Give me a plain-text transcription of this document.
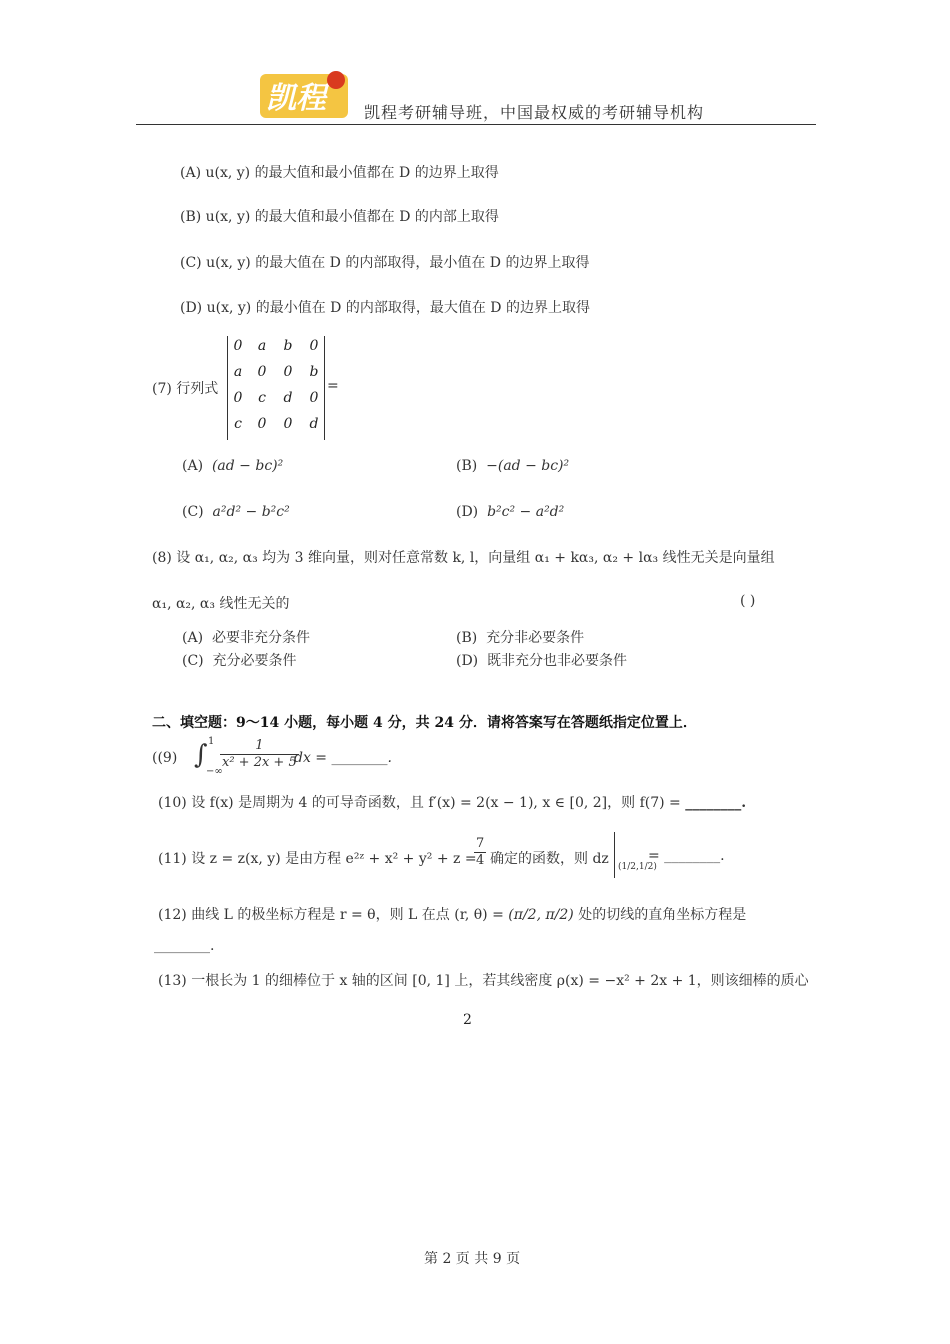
凯程 凯程考研辅导班，中国最权威的考研辅导机构
(A) u(x, y) 的最大值和最小值都在 D 的边界上取得
(B) u(x, y) 的最大值和最小值都在 D 的内部上取得
(C) u(x, y) 的最大值在 D 的内部取得，最小值在 D 的边界上取得
(D) u(x, y) 的最小值在 D 的内部取得，最大值在 D 的边界上取得
(7) 行列式
0 a b 0
a 0 0 b
0 c d 0
c 0 0 d
=
(A) (ad − bc)²	(B) −(ad − bc)²
(C) a²d² − b²c²	(D) b²c² − a²d²
(8) 设 α₁, α₂, α₃ 均为 3 维向量，则对任意常数 k, l，向量组 α₁ + kα₃, α₂ + lα₃ 线性无关是向量组
α₁, α₂, α₃ 线性无关的	( )
(A) 必要非充分条件	(B) 充分非必要条件
(C) 充分必要条件	(D) 既非充分也非必要条件
二、填空题：9～14 小题，每小题 4 分，共 24 分．请将答案写在答题纸指定位置上．
((9) ∫ 1
−∞
$\frac{1}{\text{x² + 2x + 5}}$
dx = ________.
(10) 设 f(x) 是周期为 4 的可导奇函数，且 f′(x) = 2(x − 1), x ∈ [0, 2]，则 f(7) = ________.
(11) 设 z = z(x, y) 是由方程 e²ᶻ + x² + y² + z =
$\frac{7}{4}$ 确定的函数，则 dz (1/2,1/2)
= ________.
(12) 曲线 L 的极坐标方程是 r = θ，则 L 在点 (r, θ) = (π/2, π/2) 处的切线的直角坐标方程是
________.
(13) 一根长为 1 的细棒位于 x 轴的区间 [0, 1] 上，若其线密度 ρ(x) = −x² + 2x + 1，则该细棒的质心
2
第 2 页 共 9 页
